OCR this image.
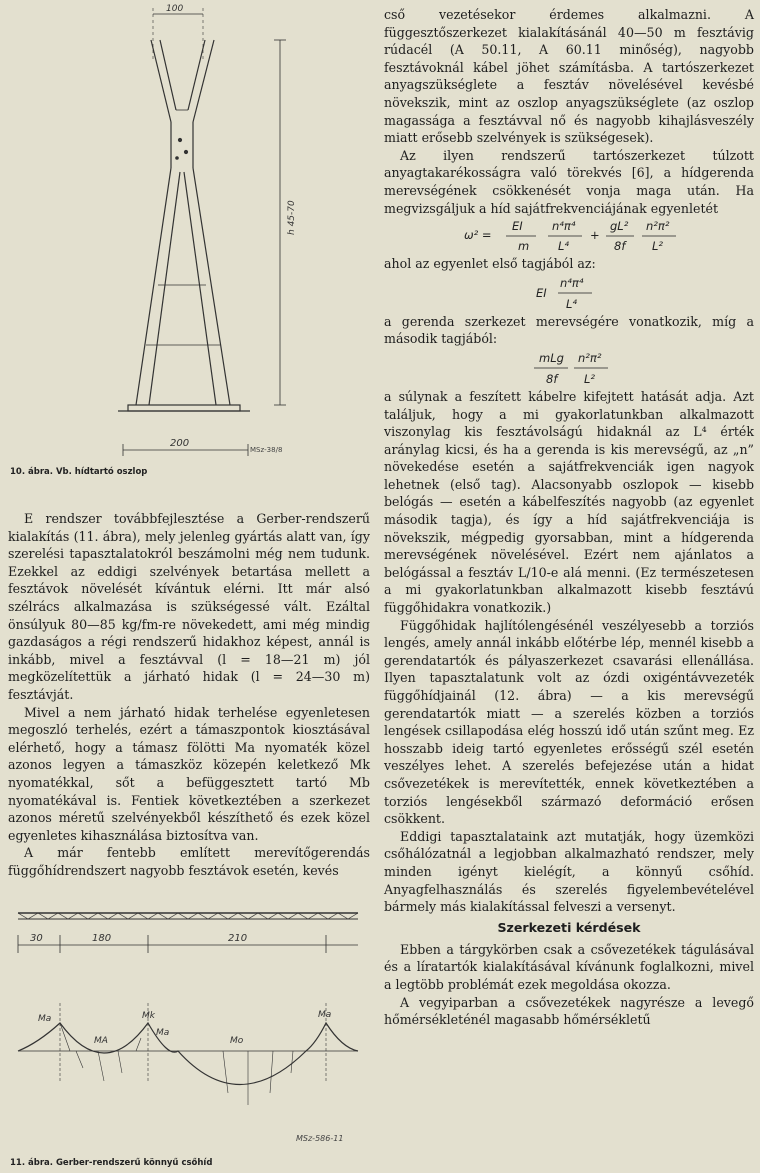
100
h 45-70
200
MSz-38/8
10. ábra. Vb. hídtartó oszlop

E rendszer továbbfejlesztése a Gerber-rendszerű kialakítás (11. ábra), mely jelenleg gyártás alatt van, így szerelési tapasztalatokról beszámolni még nem tudunk. Ezekkel az eddigi szelvények betartása mellett a fesztávok növelését kívántuk elérni. Itt már alsó szélrács alkalmazása is szükségessé vált. Ezáltal önsúlyuk 80—85 kg/fm-re növekedett, ami még mindig gazdaságos a régi rendszerű hidakhoz képest, annál is inkább, mivel a fesztávval (l = 18—21 m) jól megközelítettük a járható hidak (l = 24—30 m) fesztávját.

Mivel a nem járható hidak terhelése egyenletesen megoszló terhelés, ezért a támaszpontok kiosztásával elérhető, hogy a támasz fölötti Ma nyomaték közel azonos legyen a támaszköz közepén keletkező Mk nyomatékkal, sőt a befüggesztett tartó Mb nyomatékával is. Fentiek következtében a szerkezet azonos méretű szelvényekből készíthető és ezek közel egyenletes kihasználása biztosítva van.

A már fentebb említett merevítőgerendás függőhídrendszert nagyobb fesztávok esetén, kevés

30	180	210
Ma
MA
Mk
Ma
Mo
Ma
MSz-586-11
11. ábra. Gerber-rendszerű könnyű csőhíd

cső vezetésekor érdemes alkalmazni. A függesztőszerkezet kialakításánál 40—50 m fesztávig rúdacél (A 50.11, A 60.11 minőség), nagyobb fesztávoknál kábel jöhet számításba. A tartószerkezet anyagszükséglete a fesztáv növelésével kevésbé növekszik, mint az oszlop anyagszükséglete (az oszlop magassága a fesztávval nő és nagyobb kihajlásveszély miatt erősebb szelvények is szükségesek).

Az ilyen rendszerű tartószerkezet túlzott anyagtakarékosságra való törekvés [6], a hídgerenda merevségének csökkenését vonja maga után. Ha megvizsgáljuk a híd sajátfrekvenciájának egyenletét

ω² =
EI
m
n⁴π⁴
L⁴
+
gL²
8f
n²π²
L²

ahol az egyenlet első tagjából az:

EI
n⁴π⁴
L⁴

a gerenda szerkezet merevségére vonatkozik, míg a második tagjából:

mLg
8f
n²π²
L²

a súlynak a feszített kábelre kifejtett hatását adja. Azt találjuk, hogy a mi gyakorlatunkban alkalmazott viszonylag kis fesztávolságú hidaknál az L⁴ érték aránylag kicsi, és ha a gerenda is kis merevségű, az „n” növekedése esetén a sajátfrekvenciák igen nagyok lehetnek (első tag). Alacsonyabb oszlopok — kisebb belógás — esetén a kábelfeszítés nagyobb (az egyenlet második tagja), és így a híd sajátfrekvenciája is növekszik, mégpedig gyorsabban, mint a hídgerenda merevségének növelésével. Ezért nem ajánlatos a belógással a fesztáv L/10-e alá menni. (Ez természetesen a mi gyakorlatunkban alkalmazott kisebb fesztávú függőhidakra vonatkozik.)

Függőhidak hajlítólengésénél veszélyesebb a torziós lengés, amely annál inkább előtérbe lép, mennél kisebb a gerendatartók és pályaszerkezet csavarási ellenállása. Ilyen tapasztalatunk volt az ózdi oxigéntávvezeték függőhídjainál (12. ábra) — a kis merevségű gerendatartók miatt — a szerelés közben a torziós lengések csillapodása elég hosszú idő után szűnt meg. Ez hosszabb ideig tartó egyenletes erősségű szél esetén veszélyes lehet. A szerelés befejezése után a hidat csővezetékek is merevítették, ennek következtében a torziós lengésekből származó deformáció erősen csökkent.

Eddigi tapasztalataink azt mutatják, hogy üzemközi csőhálózatnál a legjobban alkalmazható rendszer, mely minden igényt kielégít, a könnyű csőhíd. Anyagfelhasználás és szerelés figyelembevételével bármely más kialakítással felveszi a versenyt.

Szerkezeti kérdések

Ebben a tárgykörben csak a csővezetékek tágulásával és a líratartók kialakításával kívánunk foglalkozni, mivel a legtöbb problémát ezek megoldása okozza.

A vegyiparban a csővezetékek nagyrésze a levegő hőmérsékleténél magasabb hőmérsékletű
